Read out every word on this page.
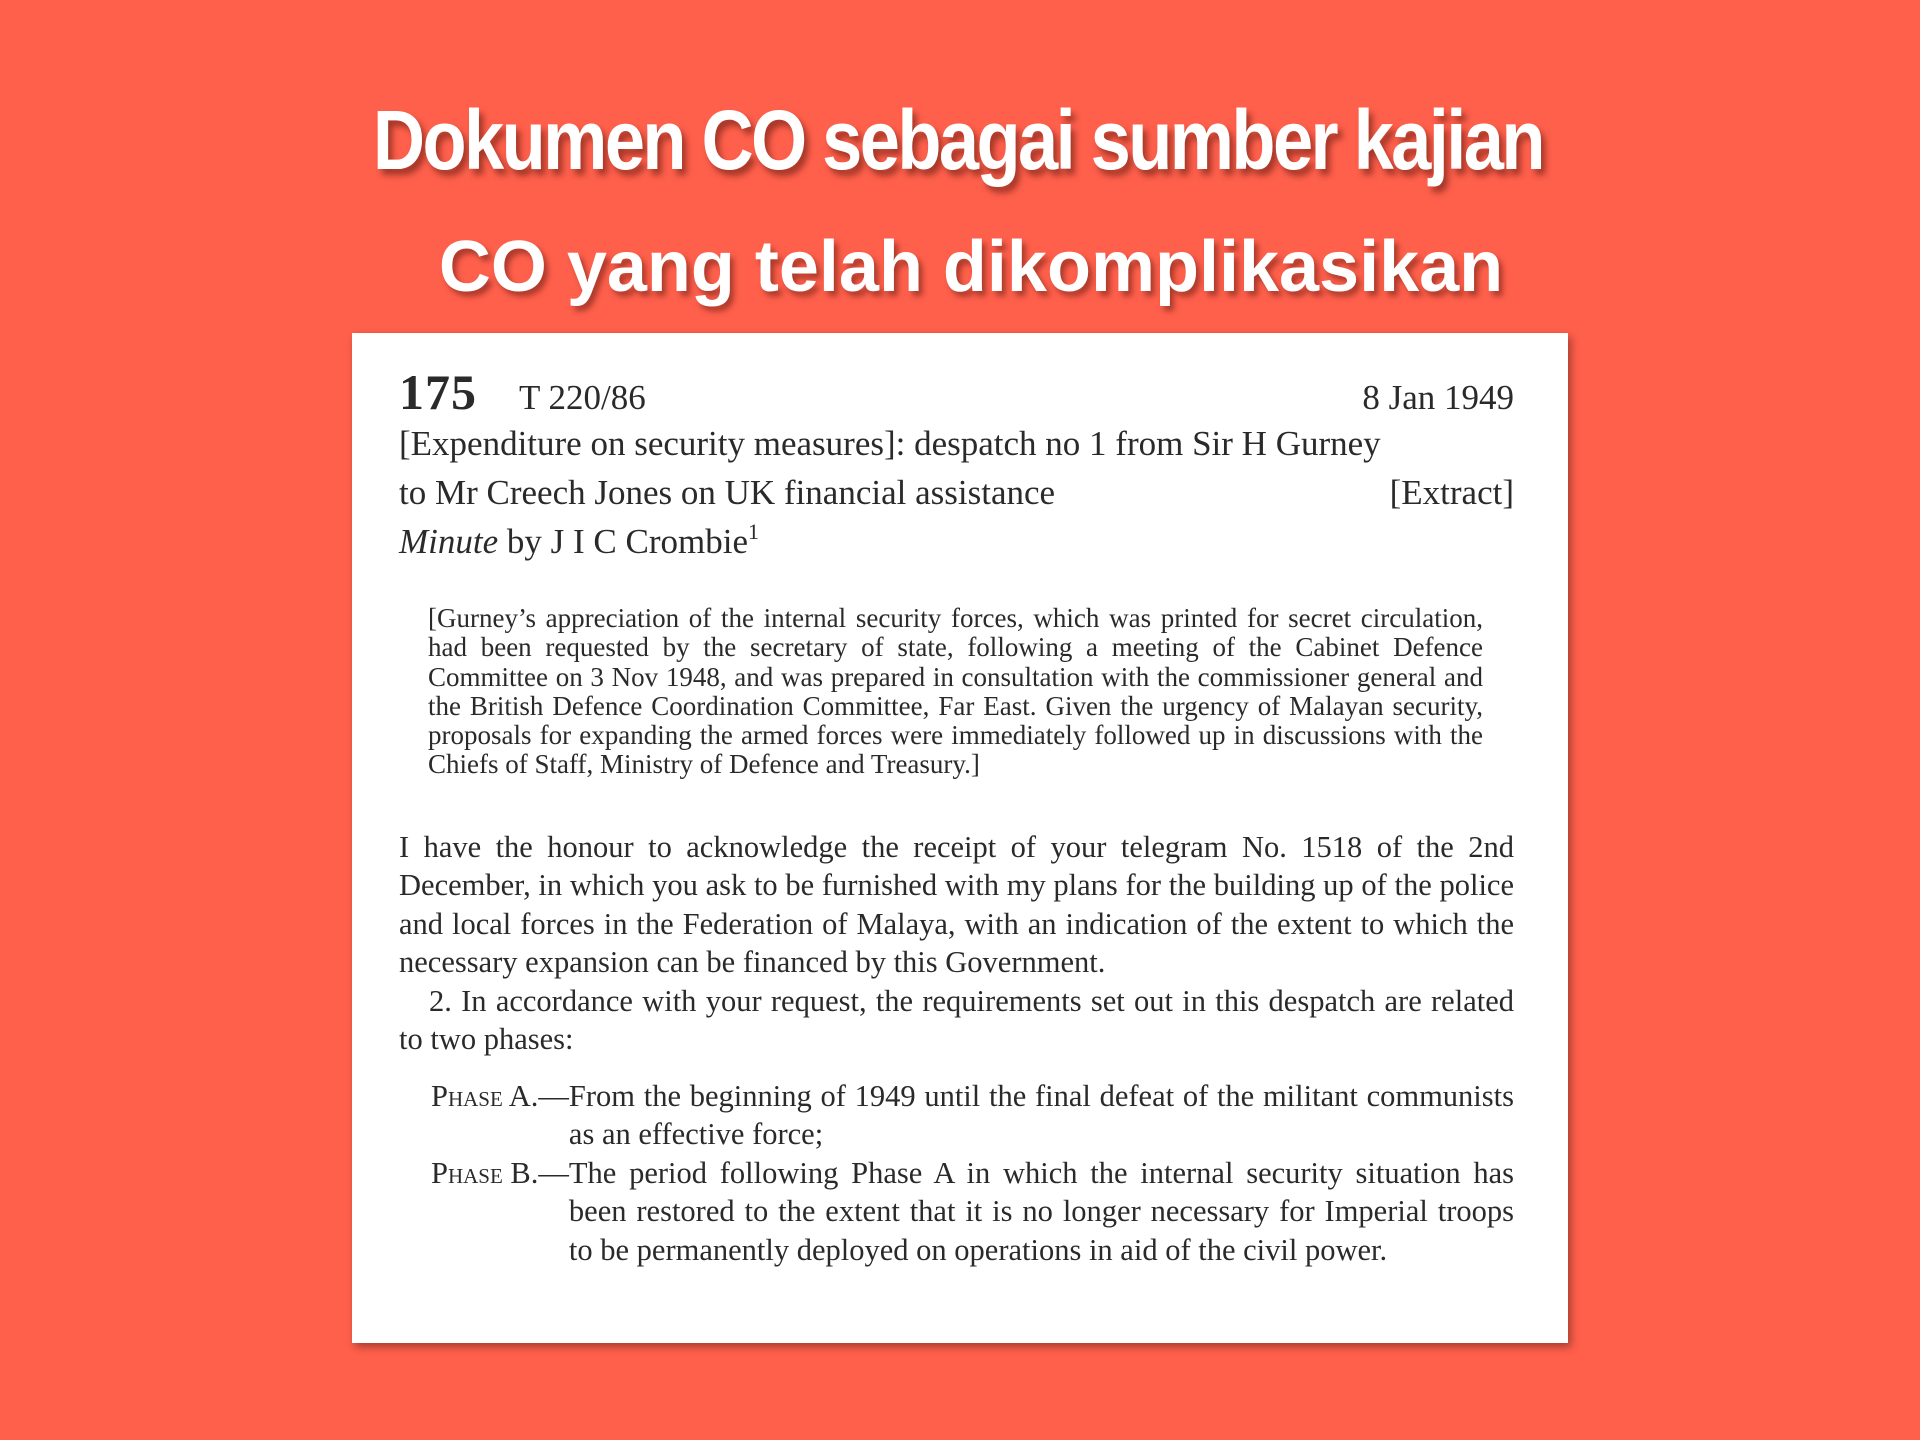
Dokumen CO sebagai sumber kajian
CO yang telah dikomplikasikan
175 T 220/86	8 Jan 1949
[Expenditure on security measures]: despatch no 1 from Sir H Gurney
to Mr Creech Jones on UK financial assistance	[Extract]
Minute by J I C Crombie$^1$
[Gurney’s appreciation of the internal security forces, which was printed for secret circulation, had been requested by the secretary of state, following a meeting of the Cabinet Defence Committee on 3 Nov 1948, and was prepared in consultation with the commissioner general and the British Defence Coordination Committee, Far East. Given the urgency of Malayan security, proposals for expanding the armed forces were immediately followed up in discussions with the Chiefs of Staff, Ministry of Defence and Treasury.]

I have the honour to acknowledge the receipt of your telegram No. 1518 of the 2nd December, in which you ask to be furnished with my plans for the building up of the police and local forces in the Federation of Malaya, with an indication of the extent to which the necessary expansion can be financed by this Government.

2. In accordance with your request, the requirements set out in this despatch are related to two phases:

Phase A.— From the beginning of 1949 until the final defeat of the militant communists as an effective force;
Phase B.— The period following Phase A in which the internal security situation has been restored to the extent that it is no longer necessary for Imperial troops to be permanently deployed on operations in aid of the civil power.
